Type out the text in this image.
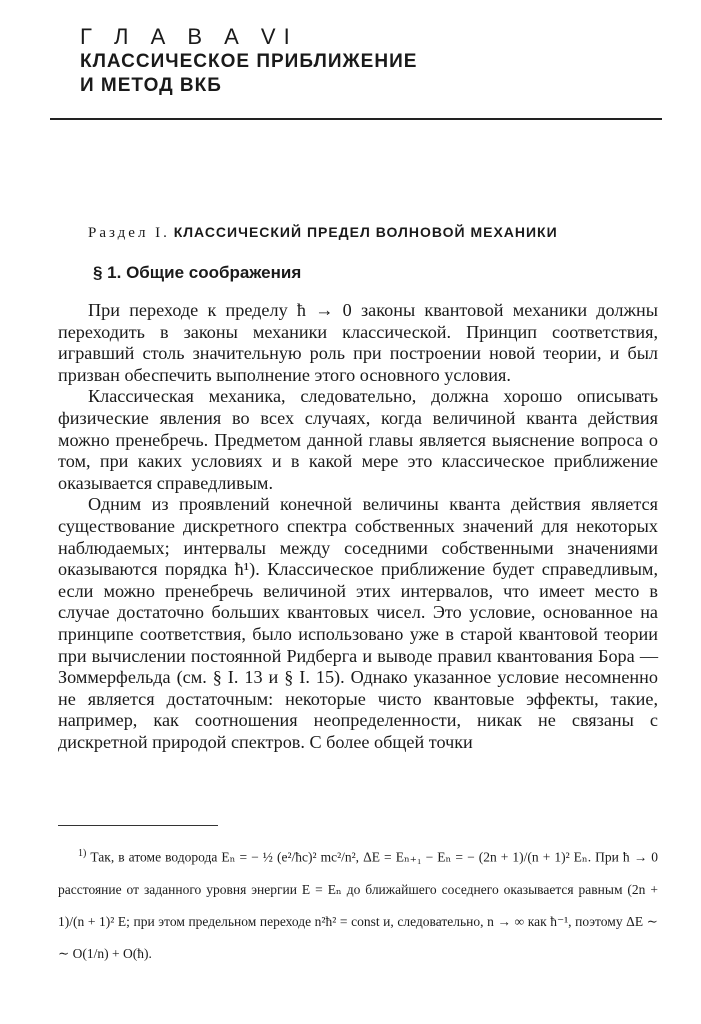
Г Л А В А VI
КЛАССИЧЕСКОЕ ПРИБЛИЖЕНИЕ
И МЕТОД ВКБ
Раздел I. КЛАССИЧЕСКИЙ ПРЕДЕЛ ВОЛНОВОЙ МЕХАНИКИ
§ 1. Общие соображения

При переходе к пределу ħ → 0 законы квантовой механики должны переходить в законы механики классической. Принцип соответствия, игравший столь значительную роль при построении новой теории, и был призван обеспечить выполнение этого основного условия.

Классическая механика, следовательно, должна хорошо описывать физические явления во всех случаях, когда величиной кванта действия можно пренебречь. Предметом данной главы является выяснение вопроса о том, при каких условиях и в какой мере это классическое приближение оказывается справедливым.

Одним из проявлений конечной величины кванта действия является существование дискретного спектра собственных значений для некоторых наблюдаемых; интервалы между соседними собственными значениями оказываются порядка ħ¹). Классическое приближение будет справедливым, если можно пренебречь величиной этих интервалов, что имеет место в случае достаточно больших квантовых чисел. Это условие, основанное на принципе соответствия, было использовано уже в старой квантовой теории при вычислении постоянной Ридберга и выводе правил квантования Бора — Зоммерфельда (см. § I. 13 и § I. 15). Однако указанное условие несомненно не является достаточным: некоторые чисто квантовые эффекты, такие, например, как соотношения неопределенности, никак не связаны с дискретной природой спектров. С более общей точки

$^{1)}$ Так, в атоме водорода Eₙ = − ½ (e²/ħc)² mc²/n², ΔE = Eₙ₊₁ − Eₙ = − (2n + 1)/(n + 1)² Eₙ. При ħ → 0 расстояние от заданного уровня энергии E = Eₙ до ближайшего соседнего оказывается равным (2n + 1)/(n + 1)² E; при этом предельном переходе n²ħ² = const и, следовательно, n → ∞ как ħ⁻¹, поэтому ΔE ∼ ∼ O(1/n) + O(ħ).
